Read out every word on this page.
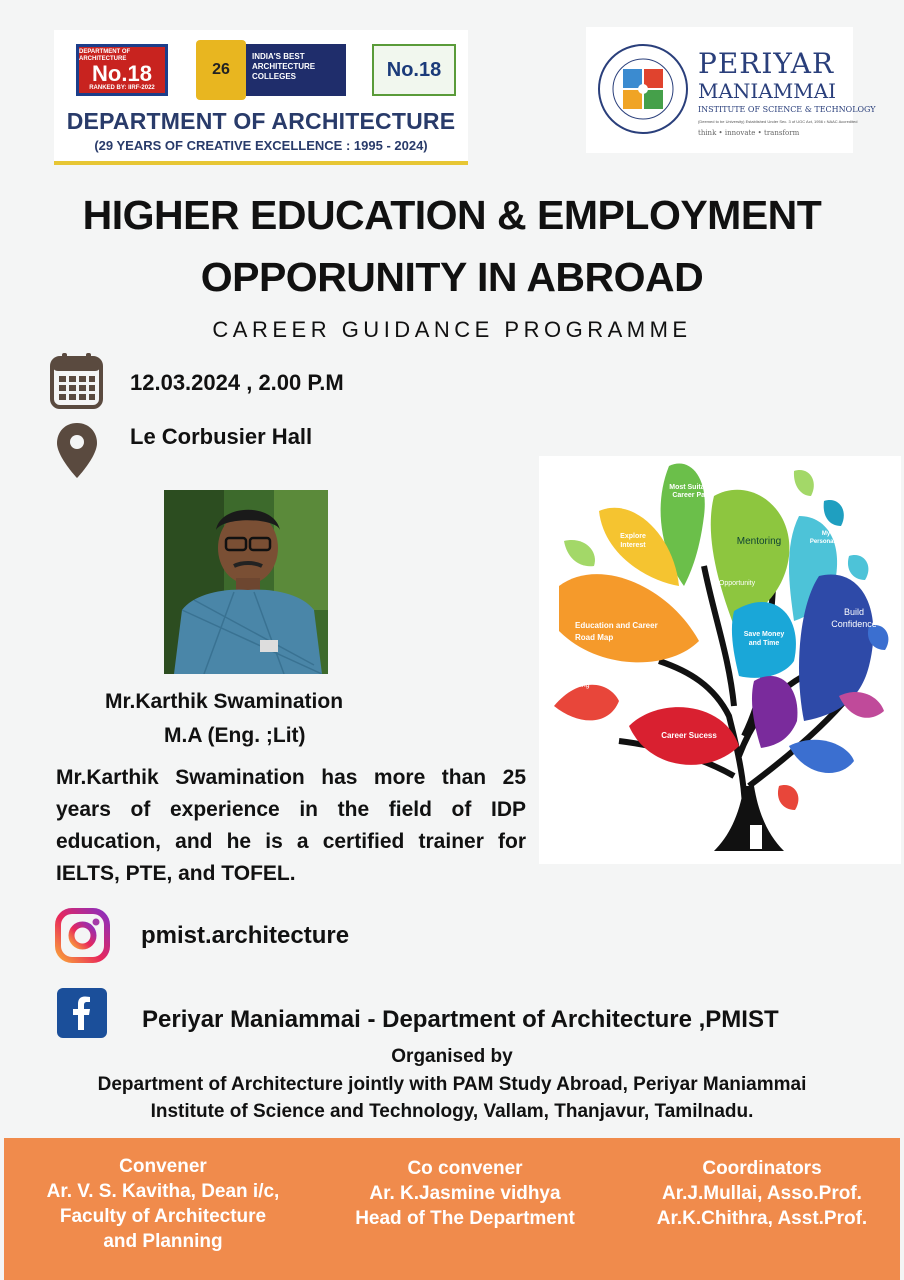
DEPARTMENT OF ARCHITECTURE
No.18
RANKED BY: IIRF-2022
26
INDIA'S BEST ARCHITECTURE COLLEGES	No.18
DEPARTMENT OF ARCHITECTURE
(29 YEARS OF CREATIVE EXCELLENCE : 1995 - 2024)
PERIYAR
MANIAMMAI
INSTITUTE OF SCIENCE & TECHNOLOGY
(Deemed to be University) Established Under Sec. 3 of UGC Act, 1956 • NAAC Accredited
think • innovate • transform
HIGHER EDUCATION & EMPLOYMENT
OPPORUNITY IN ABROAD
CAREER GUIDANCE PROGRAMME
12.03.2024 , 2.00 P.M
Le Corbusier Hall
Mr.Karthik Swamination
M.A (Eng. ;Lit)
Mr.Karthik Swamination has more than 25 years of experience in the field of IDP education, and he is a certified trainer for IELTS, PTE, and TOFEL.
Most Suitable Career Path
Explore Interest	Mentoring
My Personality
Opportunity
Education and Career Road Map
Build Confidence
Save Money and Time
Training
Career Sucess
pmist.architecture
Periyar Maniammai - Department of Architecture ,PMIST
Organised by
Department of Architecture jointly with PAM Study Abroad, Periyar Maniammai
Institute of Science and Technology, Vallam, Thanjavur, Tamilnadu.
Convener
Ar. V. S. Kavitha, Dean i/c,
Faculty of Architecture
and Planning
Co convener
Ar. K.Jasmine vidhya
Head of The Department
Coordinators
Ar.J.Mullai, Asso.Prof.
Ar.K.Chithra, Asst.Prof.
